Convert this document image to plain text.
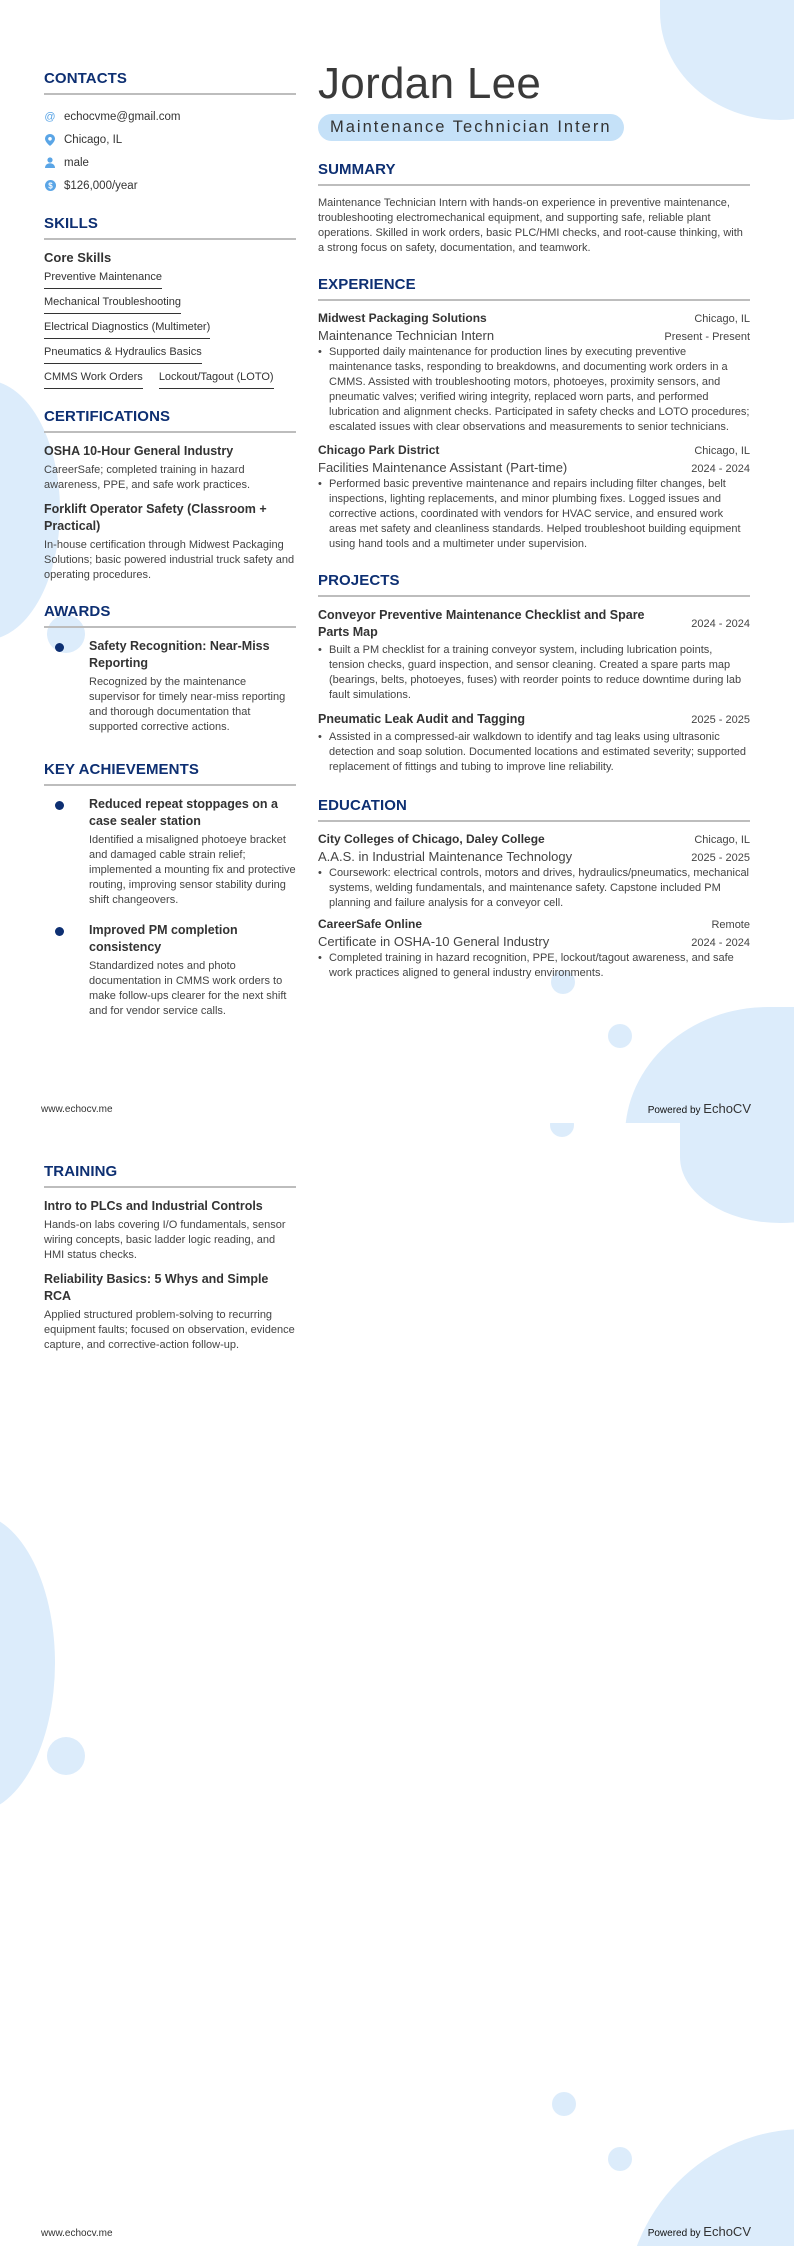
CONTACTS
@ echocvme@gmail.com
Chicago, IL
male
$ $126,000/year
SKILLS
Core Skills
Preventive Maintenance
Mechanical Troubleshooting
Electrical Diagnostics (Multimeter)
Pneumatics & Hydraulics Basics
CMMS Work Orders Lockout/Tagout (LOTO)
CERTIFICATIONS
OSHA 10-Hour General Industry
CareerSafe; completed training in hazard awareness, PPE, and safe work practices.
Forklift Operator Safety (Classroom + Practical)
In-house certification through Midwest Packaging Solutions; basic powered industrial truck safety and operating procedures.
AWARDS
Safety Recognition: Near-Miss Reporting
Recognized by the maintenance supervisor for timely near-miss reporting and thorough documentation that supported corrective actions.
KEY ACHIEVEMENTS
Reduced repeat stoppages on a case sealer station
Identified a misaligned photoeye bracket and damaged cable strain relief; implemented a mounting fix and protective routing, improving sensor stability during shift changeovers.
Improved PM completion consistency
Standardized notes and photo documentation in CMMS work orders to make follow-ups clearer for the next shift and for vendor service calls.
Jordan Lee
Maintenance Technician Intern
SUMMARY
Maintenance Technician Intern with hands-on experience in preventive maintenance, troubleshooting electromechanical equipment, and supporting safe, reliable plant operations. Skilled in work orders, basic PLC/HMI checks, and root-cause thinking, with a strong focus on safety, documentation, and teamwork.
EXPERIENCE
Midwest Packaging Solutions	Chicago, IL
Maintenance Technician Intern	Present - Present
• Supported daily maintenance for production lines by executing preventive maintenance tasks, responding to breakdowns, and documenting work orders in a CMMS. Assisted with troubleshooting motors, photoeyes, proximity sensors, and pneumatic valves; verified wiring integrity, replaced worn parts, and performed lubrication and alignment checks. Participated in safety checks and LOTO procedures; escalated issues with clear observations and measurements to senior technicians.
Chicago Park District	Chicago, IL
Facilities Maintenance Assistant (Part-time)	2024 - 2024
• Performed basic preventive maintenance and repairs including filter changes, belt inspections, lighting replacements, and minor plumbing fixes. Logged issues and corrective actions, coordinated with vendors for HVAC service, and ensured work areas met safety and cleanliness standards. Helped troubleshoot building equipment using hand tools and a multimeter under supervision.
PROJECTS
Conveyor Preventive Maintenance Checklist and Spare Parts Map
2024 - 2024
• Built a PM checklist for a training conveyor system, including lubrication points, tension checks, guard inspection, and sensor cleaning. Created a spare parts map (bearings, belts, photoeyes, fuses) with reorder points to reduce downtime during lab fault simulations.
Pneumatic Leak Audit and Tagging	2025 - 2025
• Assisted in a compressed-air walkdown to identify and tag leaks using ultrasonic detection and soap solution. Documented locations and estimated severity; supported replacement of fittings and tubing to improve line reliability.
EDUCATION
City Colleges of Chicago, Daley College	Chicago, IL
A.A.S. in Industrial Maintenance Technology	2025 - 2025
• Coursework: electrical controls, motors and drives, hydraulics/pneumatics, mechanical systems, welding fundamentals, and maintenance safety. Capstone included PM planning and failure analysis for a conveyor cell.
CareerSafe Online	Remote
Certificate in OSHA-10 General Industry	2024 - 2024
• Completed training in hazard recognition, PPE, lockout/tagout awareness, and safe work practices aligned to general industry environments.
www.echocv.me	Powered by EchoCV
TRAINING
Intro to PLCs and Industrial Controls
Hands-on labs covering I/O fundamentals, sensor wiring concepts, basic ladder logic reading, and HMI status checks.
Reliability Basics: 5 Whys and Simple RCA
Applied structured problem-solving to recurring equipment faults; focused on observation, evidence capture, and corrective-action follow-up.
www.echocv.me	Powered by EchoCV
